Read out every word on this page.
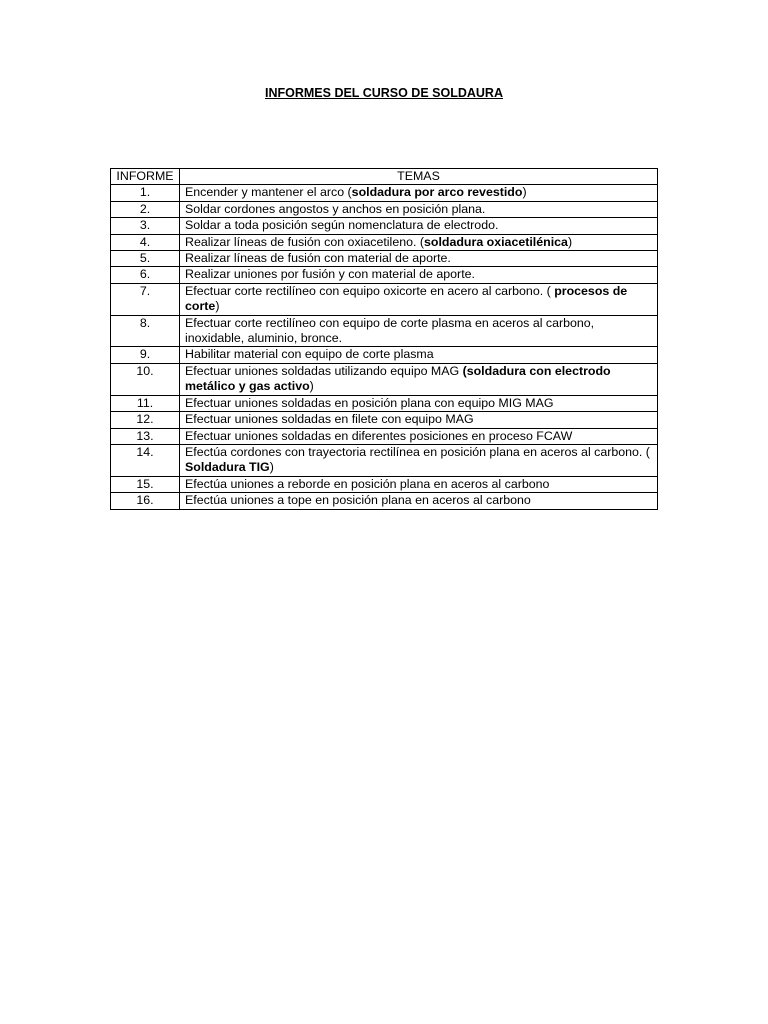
INFORMES DEL CURSO DE SOLDAURA
INFORME	TEMAS
1.	Encender y mantener el arco (soldadura por arco revestido)
2.	Soldar cordones angostos y anchos en posición plana.
3.	Soldar a toda posición según nomenclatura de electrodo.
4.	Realizar líneas de fusión con oxiacetileno. (soldadura oxiacetilénica)
5.	Realizar líneas de fusión con material de aporte.
6.	Realizar uniones por fusión y con material de aporte.
7.	Efectuar corte rectilíneo con equipo oxicorte en acero al carbono. ( procesos de corte)
8.	Efectuar corte rectilíneo con equipo de corte plasma en aceros al carbono, inoxidable, aluminio, bronce.
9.	Habilitar material con equipo de corte plasma
10.	Efectuar uniones soldadas utilizando equipo MAG (soldadura con electrodo metálico y gas activo)
11.	Efectuar uniones soldadas en posición plana con equipo MIG MAG
12.	Efectuar uniones soldadas en filete con equipo MAG
13.	Efectuar uniones soldadas en diferentes posiciones en proceso FCAW
14.	Efectúa cordones con trayectoria rectilínea en posición plana en aceros al carbono. ( Soldadura TIG)
15.	Efectúa uniones a reborde en posición plana en aceros al carbono
16.	Efectúa uniones a tope en posición plana en aceros al carbono
